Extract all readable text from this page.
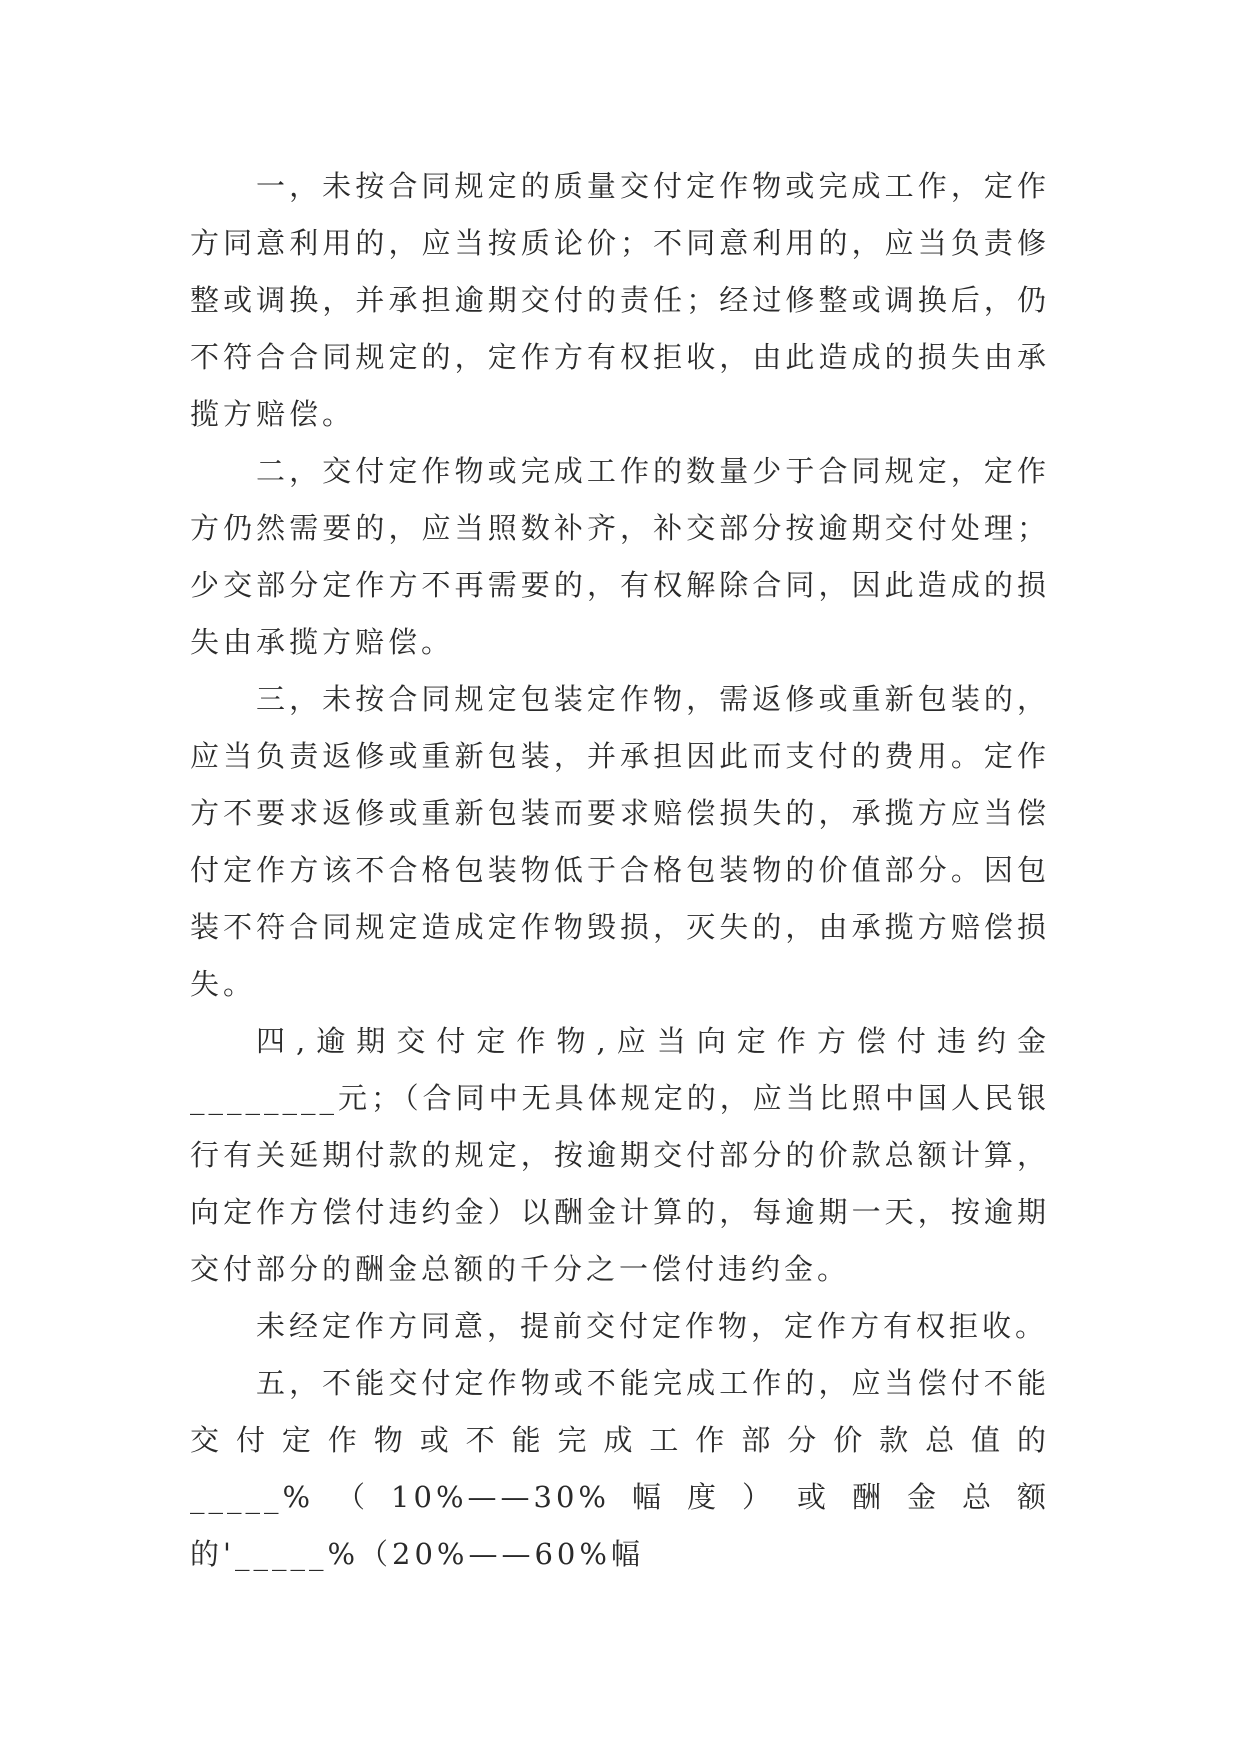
一，未按合同规定的质量交付定作物或完成工作，定作方同意利用的，应当按质论价；不同意利用的，应当负责修整或调换，并承担逾期交付的责任；经过修整或调换后，仍不符合合同规定的，定作方有权拒收，由此造成的损失由承揽方赔偿。

二，交付定作物或完成工作的数量少于合同规定，定作方仍然需要的，应当照数补齐，补交部分按逾期交付处理；少交部分定作方不再需要的，有权解除合同，因此造成的损失由承揽方赔偿。

三，未按合同规定包装定作物，需返修或重新包装的，应当负责返修或重新包装，并承担因此而支付的费用。定作方不要求返修或重新包装而要求赔偿损失的，承揽方应当偿付定作方该不合格包装物低于合格包装物的价值部分。因包装不符合同规定造成定作物毁损，灭失的，由承揽方赔偿损失。

四,逾期交付定作物,应当向定作方偿付违约金________元；（合同中无具体规定的，应当比照中国人民银行有关延期付款的规定，按逾期交付部分的价款总额计算，向定作方偿付违约金）以酬金计算的，每逾期一天，按逾期交付部分的酬金总额的千分之一偿付违约金。

未经定作方同意，提前交付定作物，定作方有权拒收。

五，不能交付定作物或不能完成工作的，应当偿付不能交付定作物或不能完成工作部分价款总值的_____%（10%——30%幅度）或酬金总额的'_____%（20%——60%幅
